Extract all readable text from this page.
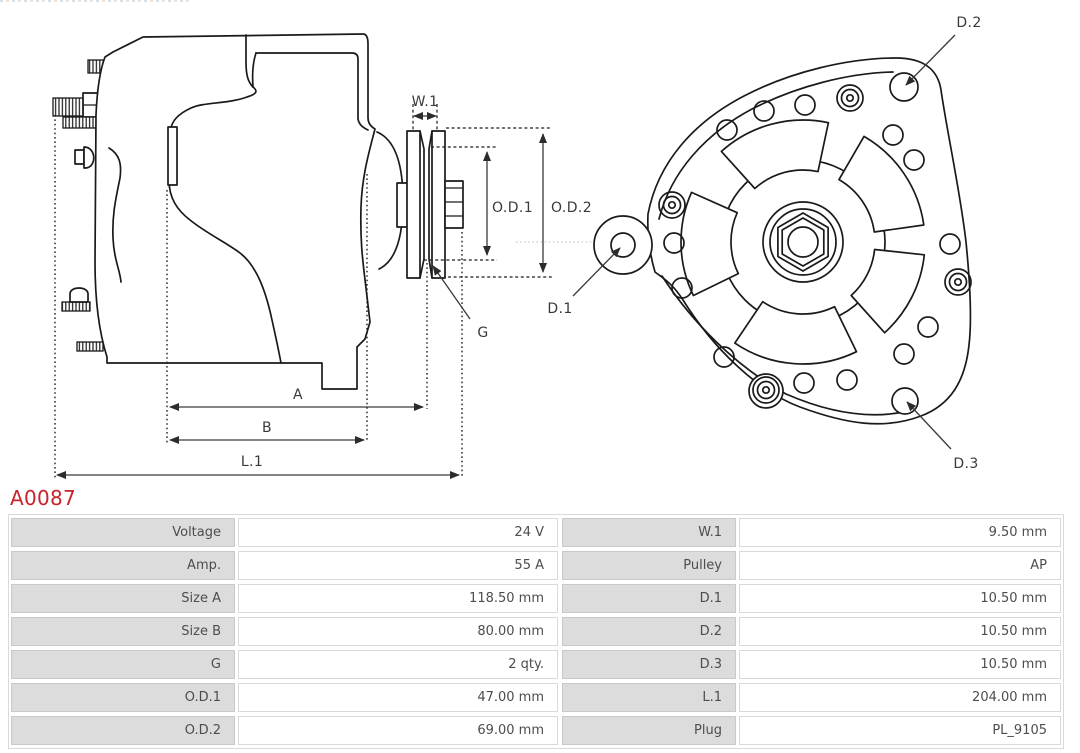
W.1
O.D.1 O.D.2
A
B
L.1
G
D.2
D.1
D.3
A0087
Voltage	24 V	W.1	9.50 mm
Amp.	55 A	Pulley	AP
Size A	118.50 mm	D.1	10.50 mm
Size B	80.00 mm	D.2	10.50 mm
G	2 qty.	D.3	10.50 mm
O.D.1	47.00 mm	L.1	204.00 mm
O.D.2	69.00 mm	Plug	PL_9105
